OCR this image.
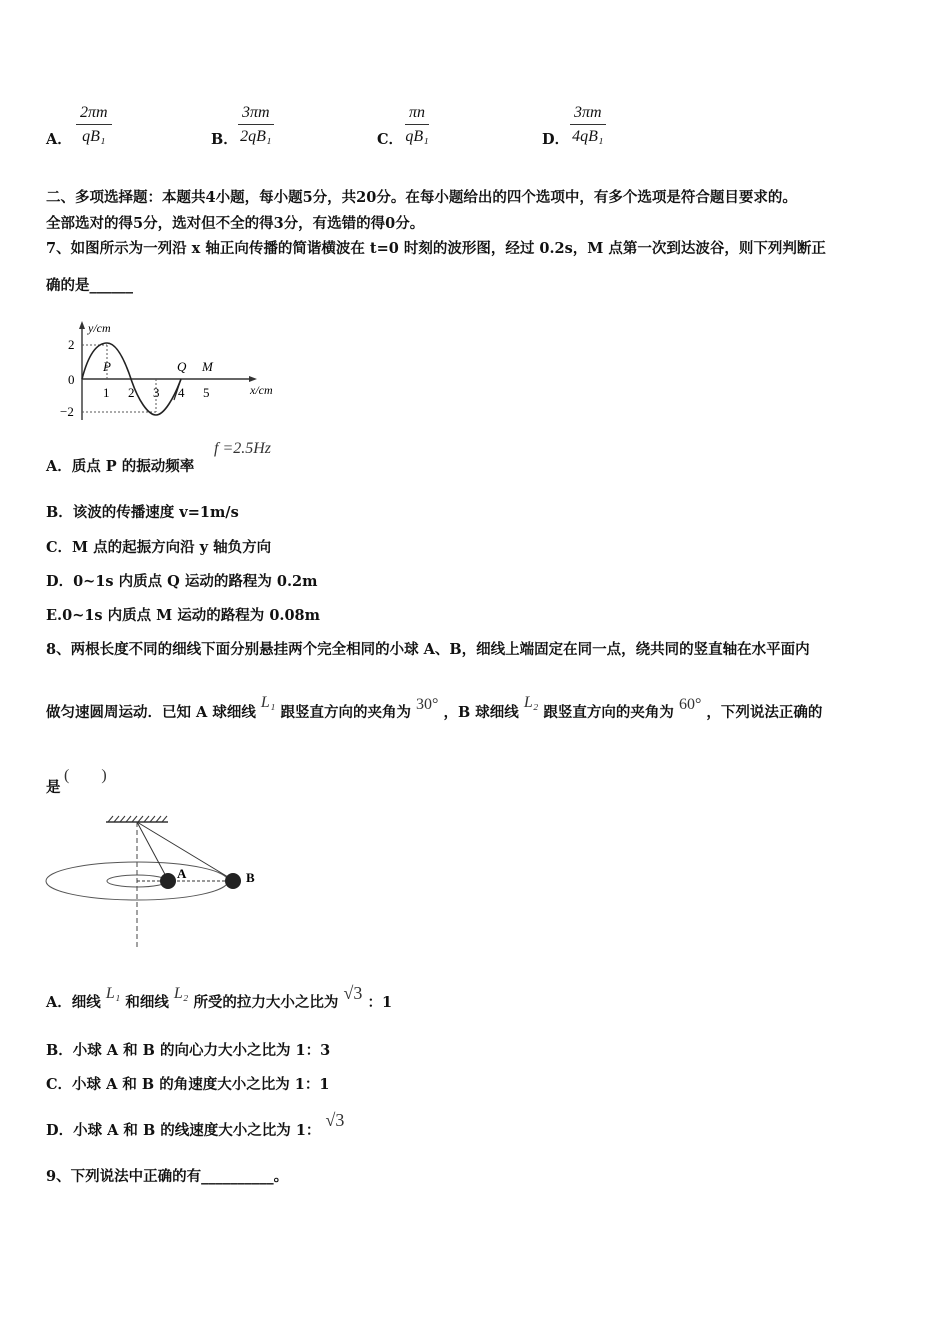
A． $\frac{2\pi m}{\text{qB₁}}$	B． $\frac{3\pi m}{\text{2qB₁}}$	C． $\frac{\pi n}{\text{qB₁}}$	D． $\frac{3\pi m}{\text{4qB₁}}$
二、多项选择题：本题共4小题，每小题5分，共20分。在每小题给出的四个选项中，有多个选项是符合题目要求的。
全部选对的得5分，选对但不全的得3分，有选错的得0分。
7、如图所示为一列沿 x 轴正向传播的简谐横波在 t=0 时刻的波形图，经过 0.2s，M 点第一次到达波谷，则下列判断正
确的是______
y/cm
x/cm
2
0
−2
1 2 3 4 5
P	Q M
A．质点 P 的振动频率
f =2.5Hz
B．该波的传播速度 v=1m/s
C．M 点的起振方向沿 y 轴负方向
D．0~1s 内质点 Q 运动的路程为 0.2m
E.0~1s 内质点 M 运动的路程为 0.08m
8、两根长度不同的细线下面分别悬挂两个完全相同的小球 A、B，细线上端固定在同一点，绕共同的竖直轴在水平面内
做匀速圆周运动．已知 A 球细线 L₁ 跟竖直方向的夹角为 30° ，B 球细线 L₂ 跟竖直方向的夹角为 60° ，下列说法正确的
是
(　　)
A	B
A．细线 L₁ 和细线 L₂ 所受的拉力大小之比为 √3 ：1
B．小球 A 和 B 的向心力大小之比为 1：3
C．小球 A 和 B 的角速度大小之比为 1：1
D．小球 A 和 B 的线速度大小之比为 1： √3
9、下列说法中正确的有__________。
